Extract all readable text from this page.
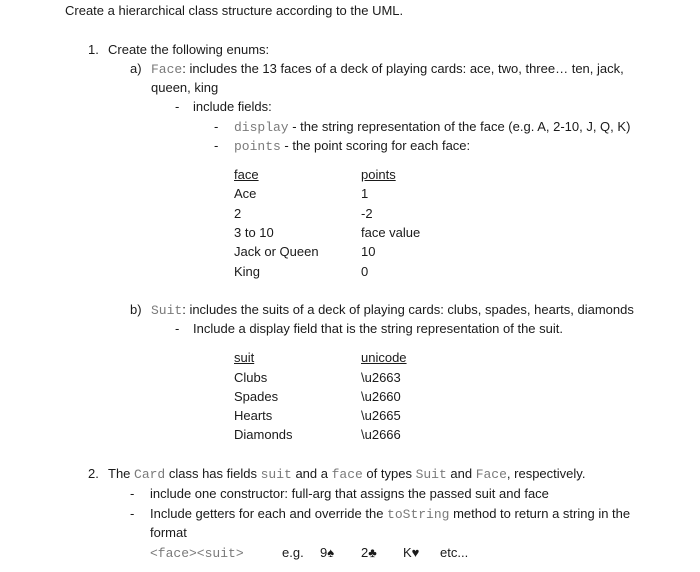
Create a hierarchical class structure according to the UML.
1. Create the following enums:
a) Face: includes the 13 faces of a deck of playing cards: ace, two, three… ten, jack,
queen, king
- include fields:
- display - the string representation of the face (e.g. A, 2-10, J, Q, K)
- points - the point scoring for each face:
face	points
Ace	1
2	-2
3 to 10	face value
Jack or Queen	10
King	0
b) Suit: includes the suits of a deck of playing cards: clubs, spades, hearts, diamonds
- Include a display field that is the string representation of the suit.
suit	unicode
Clubs	\u2663
Spades	\u2660
Hearts	\u2665
Diamonds	\u2666
2. The Card class has fields suit and a face of types Suit and Face, respectively.
- include one constructor: full-arg that assigns the passed suit and face
- Include getters for each and override the toString method to return a string in the
format
<face><suit>	e.g. 9♠ 2♣ K♥ etc...
